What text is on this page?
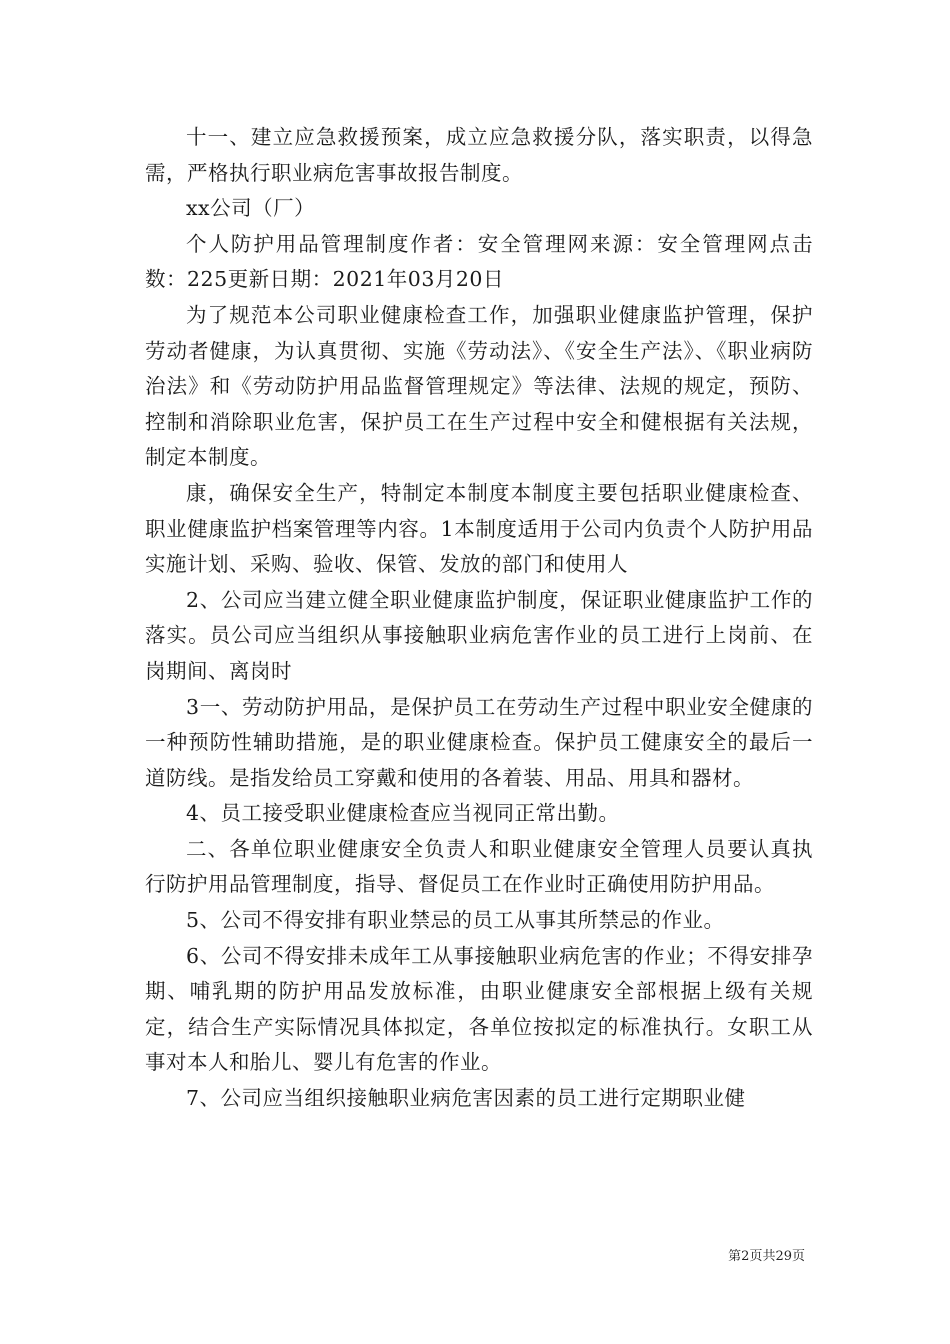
十一、建立应急救援预案，成立应急救援分队，落实职责，以得急需，严格执行职业病危害事故报告制度。

xx公司（厂）

个人防护用品管理制度作者：安全管理网来源：安全管理网点击数：225更新日期：2021年03月20日

为了规范本公司职业健康检查工作，加强职业健康监护管理，保护劳动者健康，为认真贯彻、实施《劳动法》、《安全生产法》、《职业病防治法》和《劳动防护用品监督管理规定》等法律、法规的规定，预防、控制和消除职业危害，保护员工在生产过程中安全和健根据有关法规，制定本制度。

康，确保安全生产，特制定本制度本制度主要包括职业健康检查、职业健康监护档案管理等内容。1本制度适用于公司内负责个人防护用品实施计划、采购、验收、保管、发放的部门和使用人

2、公司应当建立健全职业健康监护制度，保证职业健康监护工作的落实。员公司应当组织从事接触职业病危害作业的员工进行上岗前、在岗期间、离岗时

3一、劳动防护用品，是保护员工在劳动生产过程中职业安全健康的一种预防性辅助措施，是的职业健康检查。保护员工健康安全的最后一道防线。是指发给员工穿戴和使用的各着装、用品、用具和器材。

4、员工接受职业健康检查应当视同正常出勤。

二、各单位职业健康安全负责人和职业健康安全管理人员要认真执行防护用品管理制度，指导、督促员工在作业时正确使用防护用品。

5、公司不得安排有职业禁忌的员工从事其所禁忌的作业。

6、公司不得安排未成年工从事接触职业病危害的作业；不得安排孕期、哺乳期的防护用品发放标准，由职业健康安全部根据上级有关规定，结合生产实际情况具体拟定，各单位按拟定的标准执行。女职工从事对本人和胎儿、婴儿有危害的作业。

7、公司应当组织接触职业病危害因素的员工进行定期职业健

第2页共29页
